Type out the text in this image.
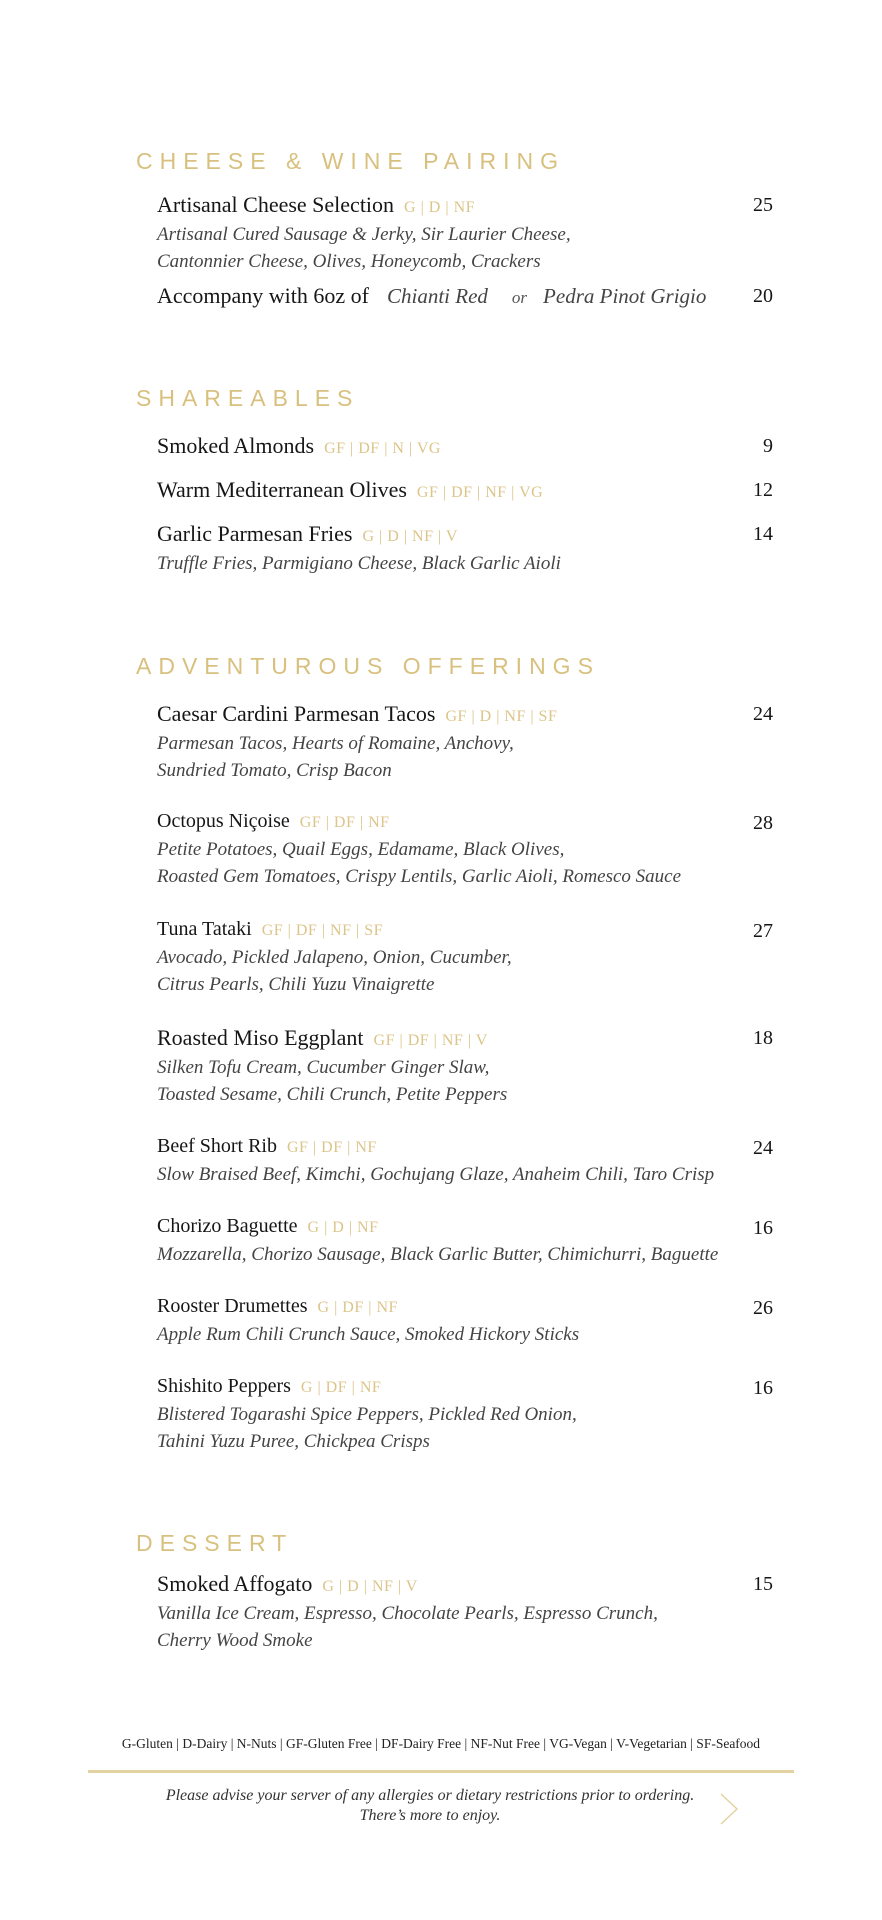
CHEESE & WINE PAIRING
Artisanal Cheese Selection G | D | NF	25
Artisanal Cured Sausage & Jerky, Sir Laurier Cheese,
Cantonnier Cheese, Olives, Honeycomb, Crackers
Accompany with 6oz of Chianti Red or Pedra Pinot Grigio 20
SHAREABLES
Smoked Almonds GF | DF | N | VG	9
Warm Mediterranean Olives GF | DF | NF | VG	12
Garlic Parmesan Fries G | D | NF | V	14
Truffle Fries, Parmigiano Cheese, Black Garlic Aioli
ADVENTUROUS OFFERINGS
Caesar Cardini Parmesan Tacos GF | D | NF | SF	24
Parmesan Tacos, Hearts of Romaine, Anchovy,
Sundried Tomato, Crisp Bacon
Octopus Niçoise GF | DF | NF	28
Petite Potatoes, Quail Eggs, Edamame, Black Olives,
Roasted Gem Tomatoes, Crispy Lentils, Garlic Aioli, Romesco Sauce
Tuna Tataki GF | DF | NF | SF	27
Avocado, Pickled Jalapeno, Onion, Cucumber,
Citrus Pearls, Chili Yuzu Vinaigrette
Roasted Miso Eggplant GF | DF | NF | V	18
Silken Tofu Cream, Cucumber Ginger Slaw,
Toasted Sesame, Chili Crunch, Petite Peppers
Beef Short Rib GF | DF | NF	24
Slow Braised Beef, Kimchi, Gochujang Glaze, Anaheim Chili, Taro Crisp
Chorizo Baguette G | D | NF	16
Mozzarella, Chorizo Sausage, Black Garlic Butter, Chimichurri, Baguette
Rooster Drumettes G | DF | NF	26
Apple Rum Chili Crunch Sauce, Smoked Hickory Sticks
Shishito Peppers G | DF | NF	16
Blistered Togarashi Spice Peppers, Pickled Red Onion,
Tahini Yuzu Puree, Chickpea Crisps
DESSERT
Smoked Affogato G | D | NF | V	15
Vanilla Ice Cream, Espresso, Chocolate Pearls, Espresso Crunch,
Cherry Wood Smoke
G-Gluten | D-Dairy | N-Nuts | GF-Gluten Free | DF-Dairy Free | NF-Nut Free | VG-Vegan | V-Vegetarian | SF-Seafood
Please advise your server of any allergies or dietary restrictions prior to ordering.
There’s more to enjoy.
